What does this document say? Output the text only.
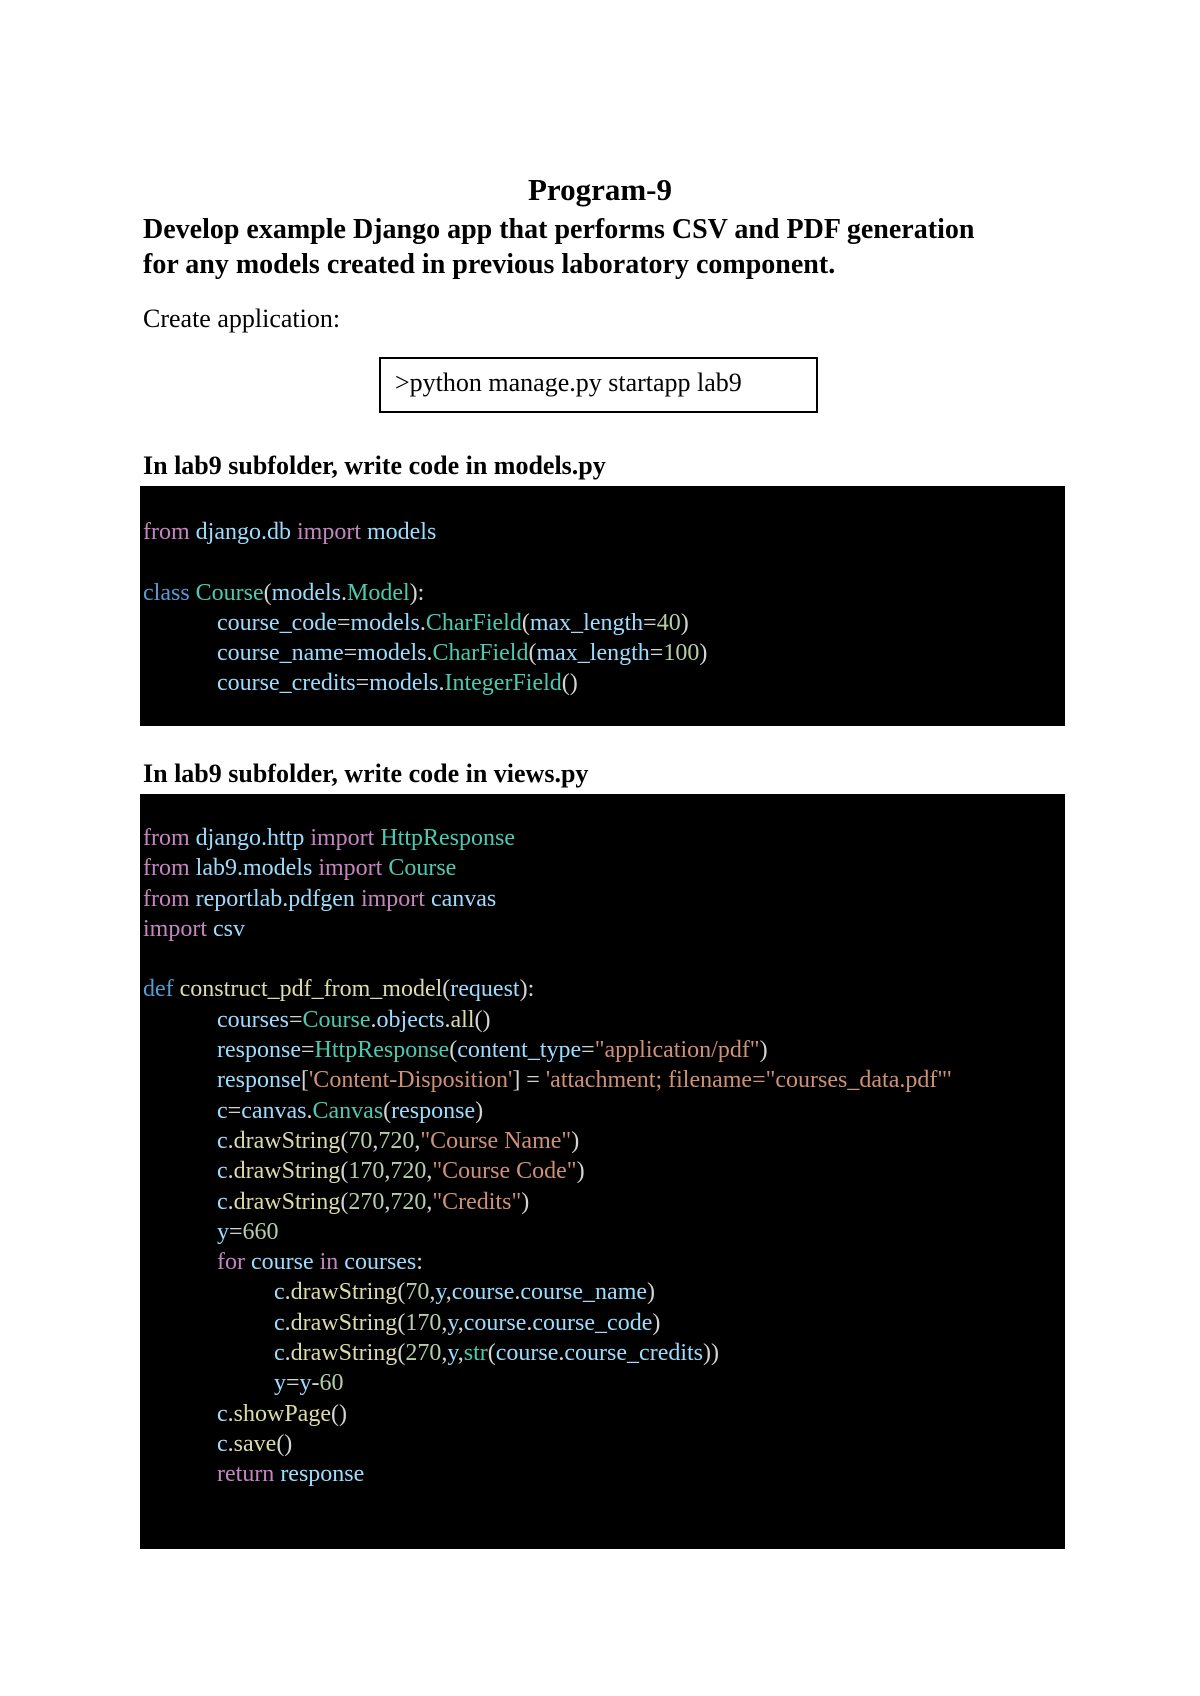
Program-9
Develop example Django app that performs CSV and PDF generation
for any models created in previous laboratory component.
Create application:
>python manage.py startapp lab9
In lab9 subfolder, write code in models.py
from django.db import models
class Course(models.Model):
course_code=models.CharField(max_length=40)
course_name=models.CharField(max_length=100)
course_credits=models.IntegerField()
In lab9 subfolder, write code in views.py
from django.http import HttpResponse
from lab9.models import Course
from reportlab.pdfgen import canvas
import csv
def construct_pdf_from_model(request):
courses=Course.objects.all()
response=HttpResponse(content_type="application/pdf")
response['Content-Disposition'] = 'attachment; filename="courses_data.pdf"'
c=canvas.Canvas(response)
c.drawString(70,720,"Course Name")
c.drawString(170,720,"Course Code")
c.drawString(270,720,"Credits")
y=660
for course in courses:
c.drawString(70,y,course.course_name)
c.drawString(170,y,course.course_code)
c.drawString(270,y,str(course.course_credits))
y=y-60
c.showPage()
c.save()
return response
